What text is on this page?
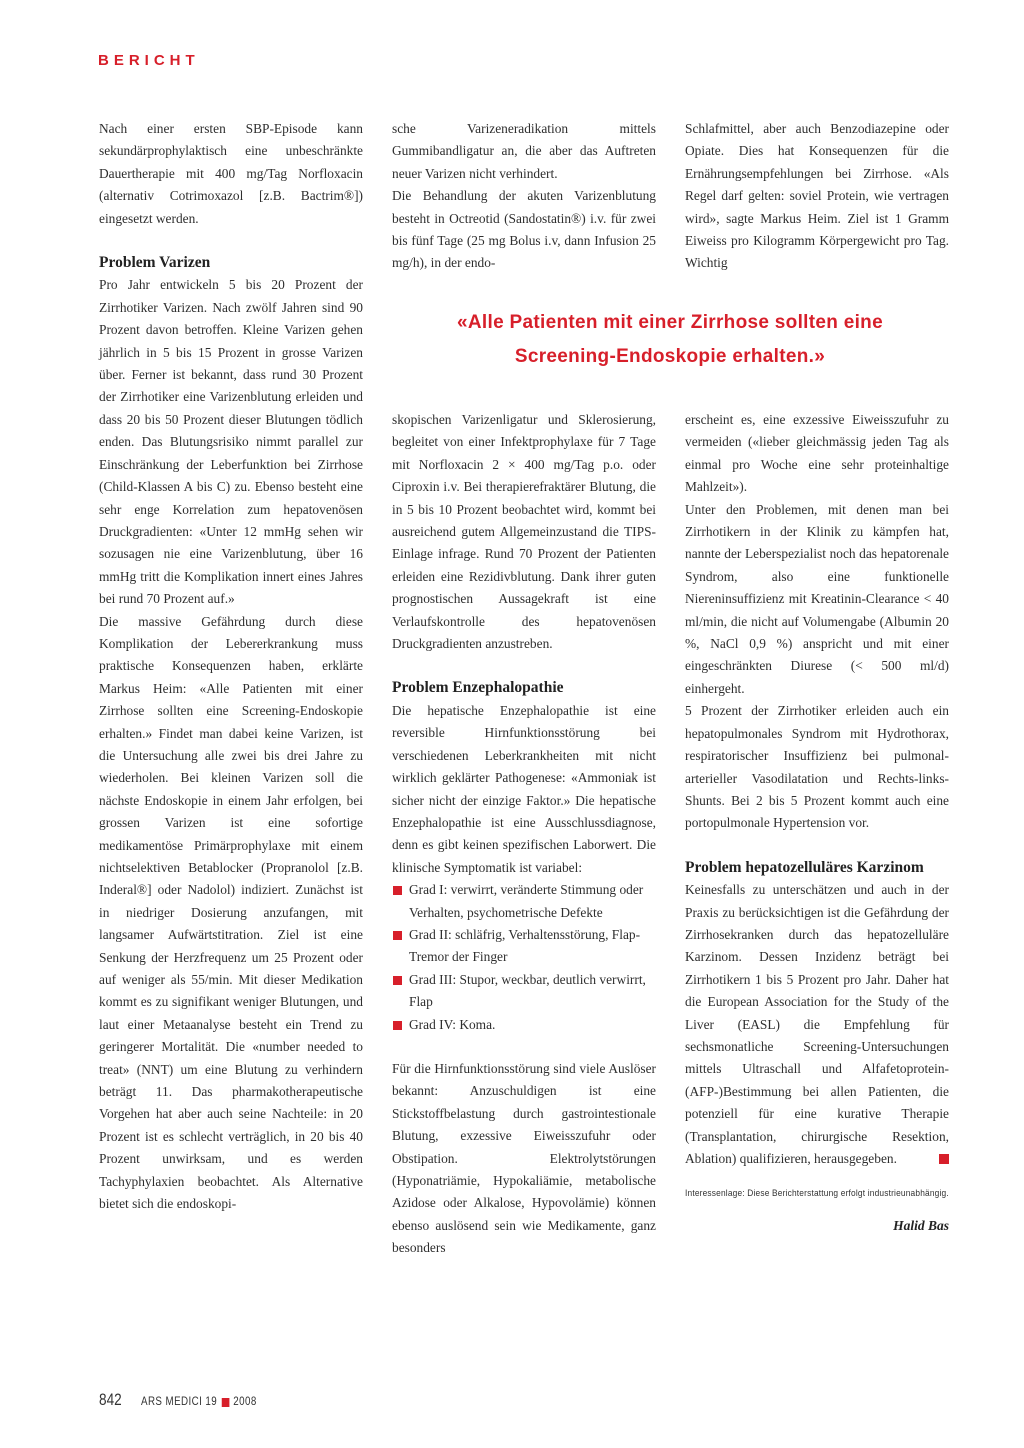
BERICHT

Nach einer ersten SBP-Episode kann sekundärprophylaktisch eine unbeschränkte Dauertherapie mit 400 mg/Tag Norfloxacin (alternativ Cotrimoxazol [z.B. Bactrim®]) eingesetzt werden.

Problem Varizen

Pro Jahr entwickeln 5 bis 20 Prozent der Zirrhotiker Varizen. Nach zwölf Jahren sind 90 Prozent davon betroffen. Kleine Varizen gehen jährlich in 5 bis 15 Prozent in grosse Varizen über. Ferner ist bekannt, dass rund 30 Prozent der Zirrhotiker eine Varizenblutung erleiden und dass 20 bis 50 Prozent dieser Blutungen tödlich enden. Das Blutungsrisiko nimmt parallel zur Einschränkung der Leberfunktion bei Zirrhose (Child-Klassen A bis C) zu. Ebenso besteht eine sehr enge Korrelation zum hepatovenösen Druckgradienten: «Unter 12 mmHg sehen wir sozusagen nie eine Varizenblutung, über 16 mmHg tritt die Komplikation innert eines Jahres bei rund 70 Prozent auf.»

Die massive Gefährdung durch diese Komplikation der Lebererkrankung muss praktische Konsequenzen haben, erklärte Markus Heim: «Alle Patienten mit einer Zirrhose sollten eine Screening-Endoskopie erhalten.» Findet man dabei keine Varizen, ist die Untersuchung alle zwei bis drei Jahre zu wiederholen. Bei kleinen Varizen soll die nächste Endoskopie in einem Jahr erfolgen, bei grossen Varizen ist eine sofortige medikamentöse Primärprophylaxe mit einem nichtselektiven Betablocker (Propranolol [z.B. Inderal®] oder Nadolol) indiziert. Zunächst ist in niedriger Dosierung anzufangen, mit langsamer Aufwärtstitration. Ziel ist eine Senkung der Herzfrequenz um 25 Prozent oder auf weniger als 55/min. Mit dieser Medikation kommt es zu signifikant weniger Blutungen, und laut einer Metaanalyse besteht ein Trend zu geringerer Mortalität. Die «number needed to treat» (NNT) um eine Blutung zu verhindern beträgt 11. Das pharmakotherapeutische Vorgehen hat aber auch seine Nachteile: in 20 Prozent ist es schlecht verträglich, in 20 bis 40 Prozent unwirksam, und es werden Tachyphylaxien beobachtet. Als Alternative bietet sich die endoskopi-

sche Varizeneradikation mittels Gummibandligatur an, die aber das Auftreten neuer Varizen nicht verhindert.

Die Behandlung der akuten Varizenblutung besteht in Octreotid (Sandostatin®) i.v. für zwei bis fünf Tage (25 mg Bolus i.v, dann Infusion 25 mg/h), in der endo-

Schlafmittel, aber auch Benzodiazepine oder Opiate. Dies hat Konsequenzen für die Ernährungsempfehlungen bei Zirrhose. «Als Regel darf gelten: soviel Protein, wie vertragen wird», sagte Markus Heim. Ziel ist 1 Gramm Eiweiss pro Kilogramm Körpergewicht pro Tag. Wichtig

«Alle Patienten mit einer Zirrhose sollten eine
Screening-Endoskopie erhalten.»

skopischen Varizenligatur und Sklerosierung, begleitet von einer Infektprophylaxe für 7 Tage mit Norfloxacin 2 × 400 mg/Tag p.o. oder Ciproxin i.v. Bei therapierefraktärer Blutung, die in 5 bis 10 Prozent beobachtet wird, kommt bei ausreichend gutem Allgemeinzustand die TIPS-Einlage infrage. Rund 70 Prozent der Patienten erleiden eine Rezidivblutung. Dank ihrer guten prognostischen Aussagekraft ist eine Verlaufskontrolle des hepatovenösen Druckgradienten anzustreben.

Problem Enzephalopathie

Die hepatische Enzephalopathie ist eine reversible Hirnfunktionsstörung bei verschiedenen Leberkrankheiten mit nicht wirklich geklärter Pathogenese: «Ammoniak ist sicher nicht der einzige Faktor.» Die hepatische Enzephalopathie ist eine Ausschlussdiagnose, denn es gibt keinen spezifischen Laborwert. Die klinische Symptomatik ist variabel:

Grad I: verwirrt, veränderte Stimmung oder Verhalten, psychometrische Defekte
Grad II: schläfrig, Verhaltensstörung, Flap-Tremor der Finger
Grad III: Stupor, weckbar, deutlich verwirrt, Flap
Grad IV: Koma.

Für die Hirnfunktionsstörung sind viele Auslöser bekannt: Anzuschuldigen ist eine Stickstoffbelastung durch gastrointestionale Blutung, exzessive Eiweisszufuhr oder Obstipation. Elektrolytstörungen (Hyponatriämie, Hypokaliämie, metabolische Azidose oder Alkalose, Hypovolämie) können ebenso auslösend sein wie Medikamente, ganz besonders

erscheint es, eine exzessive Eiweisszufuhr zu vermeiden («lieber gleichmässig jeden Tag als einmal pro Woche eine sehr proteinhaltige Mahlzeit»).

Unter den Problemen, mit denen man bei Zirrhotikern in der Klinik zu kämpfen hat, nannte der Leberspezialist noch das hepatorenale Syndrom, also eine funktionelle Niereninsuffizienz mit Kreatinin-Clearance < 40 ml/min, die nicht auf Volumengabe (Albumin 20 %, NaCl 0,9 %) anspricht und mit einer eingeschränkten Diurese (< 500 ml/d) einhergeht.

5 Prozent der Zirrhotiker erleiden auch ein hepatopulmonales Syndrom mit Hydrothorax, respiratorischer Insuffizienz bei pulmonal-arterieller Vasodilatation und Rechts-links-Shunts. Bei 2 bis 5 Prozent kommt auch eine portopulmonale Hypertension vor.

Problem hepatozelluläres Karzinom

Keinesfalls zu unterschätzen und auch in der Praxis zu berücksichtigen ist die Gefährdung der Zirrhosekranken durch das hepatozelluläre Karzinom. Dessen Inzidenz beträgt bei Zirrhotikern 1 bis 5 Prozent pro Jahr. Daher hat die European Association for the Study of the Liver (EASL) die Empfehlung für sechsmonatliche Screening-Untersuchungen mittels Ultraschall und Alfafetoprotein-(AFP-)Bestimmung bei allen Patienten, die potenziell für eine kurative Therapie (Transplantation, chirurgische Resektion, Ablation) qualifizieren, herausgegeben.

Interessenlage: Diese Berichterstattung erfolgt industrieunabhängig.
Halid Bas
842 ARS MEDICI 19 2008
